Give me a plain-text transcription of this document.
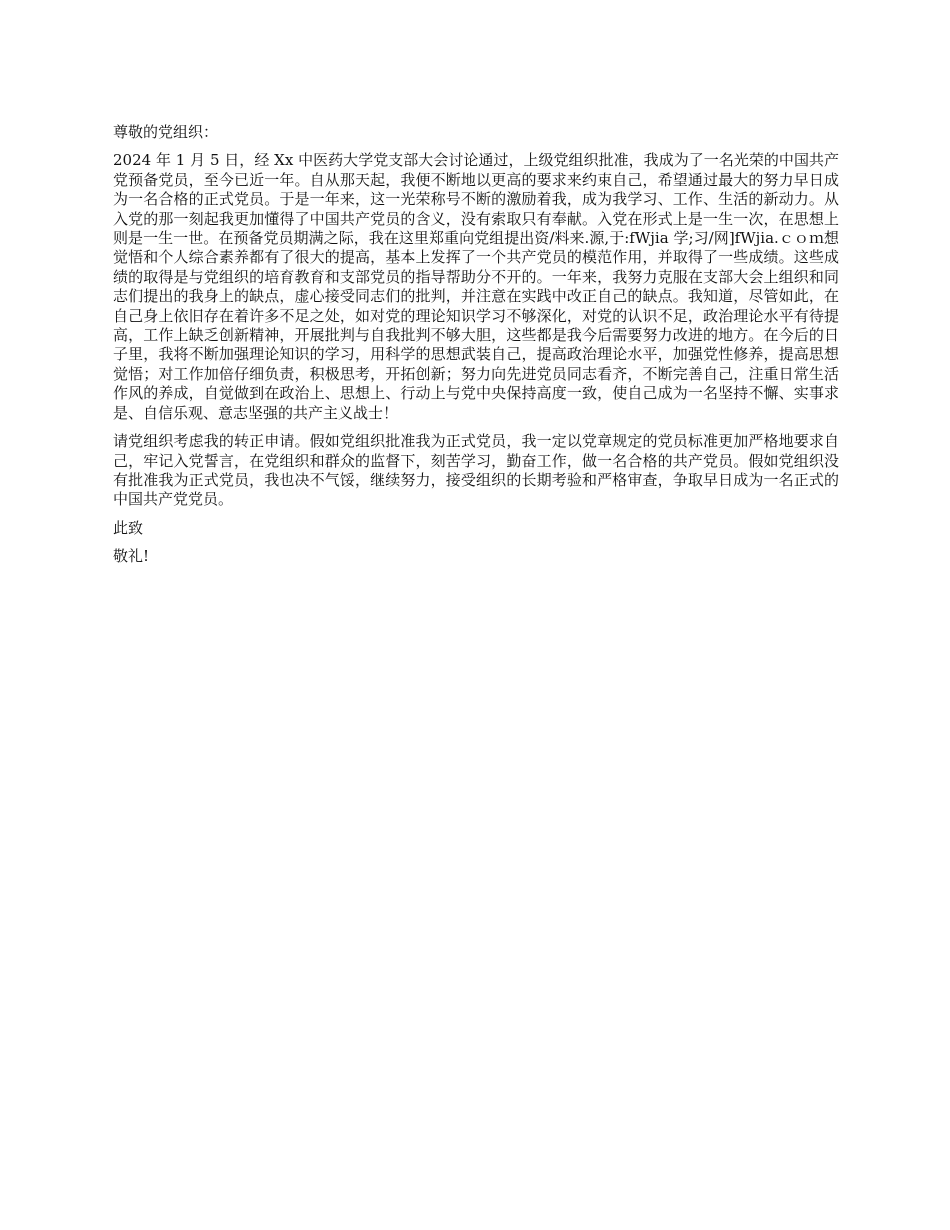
尊敬的党组织：

2024 年 1 月 5 日，经 Xx 中医药大学党支部大会讨论通过，上级党组织批准，我成为了一名光荣的中国共产党预备党员，至今已近一年。自从那天起，我便不断地以更高的要求来约束自己，希望通过最大的努力早日成为一名合格的正式党员。于是一年来，这一光荣称号不断的激励着我，成为我学习、工作、生活的新动力。从入党的那一刻起我更加懂得了中国共产党员的含义，没有索取只有奉献。入党在形式上是一生一次，在思想上则是一生一世。在预备党员期满之际，我在这里郑重向党组提出资/料来.源,于:fWjia 学;习/网]fWjia.ｃｏｍ想觉悟和个人综合素养都有了很大的提高，基本上发挥了一个共产党员的模范作用，并取得了一些成绩。这些成绩的取得是与党组织的培育教育和支部党员的指导帮助分不开的。一年来，我努力克服在支部大会上组织和同志们提出的我身上的缺点，虚心接受同志们的批判，并注意在实践中改正自己的缺点。我知道，尽管如此，在自己身上依旧存在着许多不足之处，如对党的理论知识学习不够深化，对党的认识不足，政治理论水平有待提高，工作上缺乏创新精神，开展批判与自我批判不够大胆，这些都是我今后需要努力改进的地方。在今后的日子里，我将不断加强理论知识的学习，用科学的思想武装自己，提高政治理论水平，加强党性修养，提高思想觉悟；对工作加倍仔细负责，积极思考，开拓创新；努力向先进党员同志看齐，不断完善自己，注重日常生活作风的养成，自觉做到在政治上、思想上、行动上与党中央保持高度一致，使自己成为一名坚持不懈、实事求是、自信乐观、意志坚强的共产主义战士！

请党组织考虑我的转正申请。假如党组织批准我为正式党员，我一定以党章规定的党员标准更加严格地要求自己，牢记入党誓言，在党组织和群众的监督下，刻苦学习，勤奋工作，做一名合格的共产党员。假如党组织没有批准我为正式党员，我也决不气馁，继续努力，接受组织的长期考验和严格审查，争取早日成为一名正式的中国共产党党员。

此致

敬礼!
